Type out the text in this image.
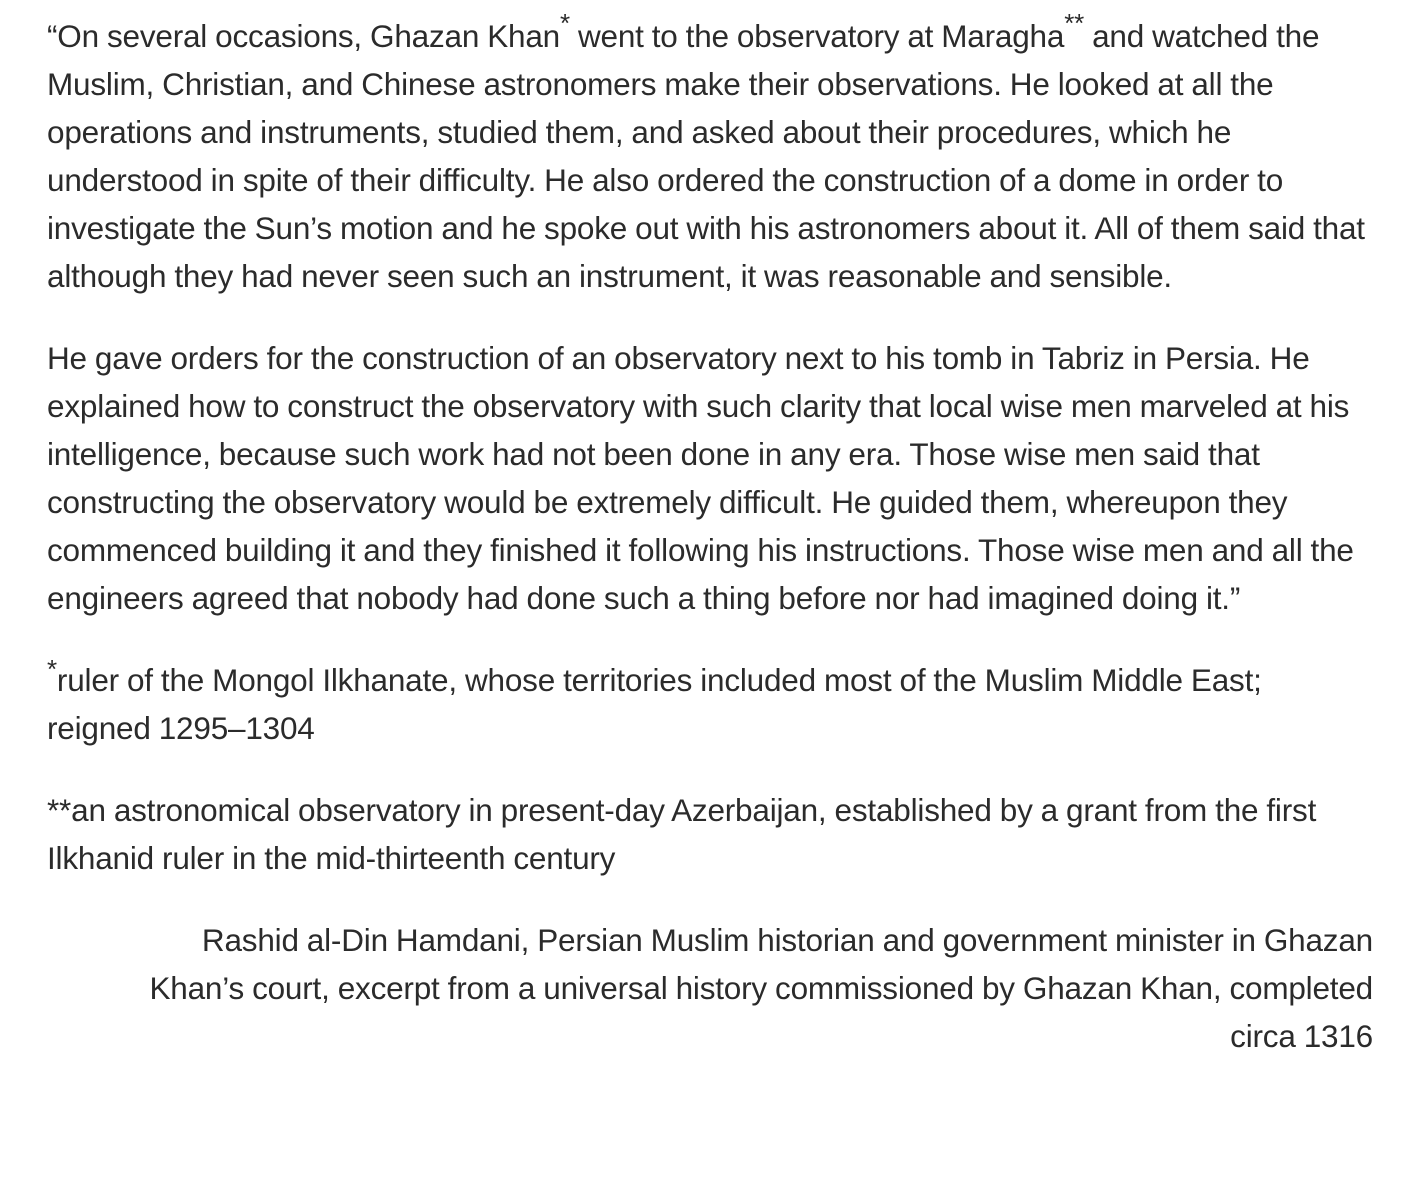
“On several occasions, Ghazan Khan* went to the observatory at Maragha** and watched the Muslim, Christian, and Chinese astronomers make their observations. He looked at all the operations and instruments, studied them, and asked about their procedures, which he understood in spite of their difficulty. He also ordered the construction of a dome in order to investigate the Sun’s motion and he spoke out with his astronomers about it. All of them said that although they had never seen such an instrument, it was reasonable and sensible.

He gave orders for the construction of an observatory next to his tomb in Tabriz in Persia. He explained how to construct the observatory with such clarity that local wise men marveled at his intelligence, because such work had not been done in any era. Those wise men said that constructing the observatory would be extremely difficult. He guided them, whereupon they commenced building it and they finished it following his instructions. Those wise men and all the engineers agreed that nobody had done such a thing before nor had imagined doing it.”

*ruler of the Mongol Ilkhanate, whose territories included most of the Muslim Middle East; reigned 1295–1304

**an astronomical observatory in present-day Azerbaijan, established by a grant from the first Ilkhanid ruler in the mid-thirteenth century

Rashid al-Din Hamdani, Persian Muslim historian and government minister in Ghazan Khan’s court, excerpt from a universal history commissioned by Ghazan Khan, completed circa 1316
